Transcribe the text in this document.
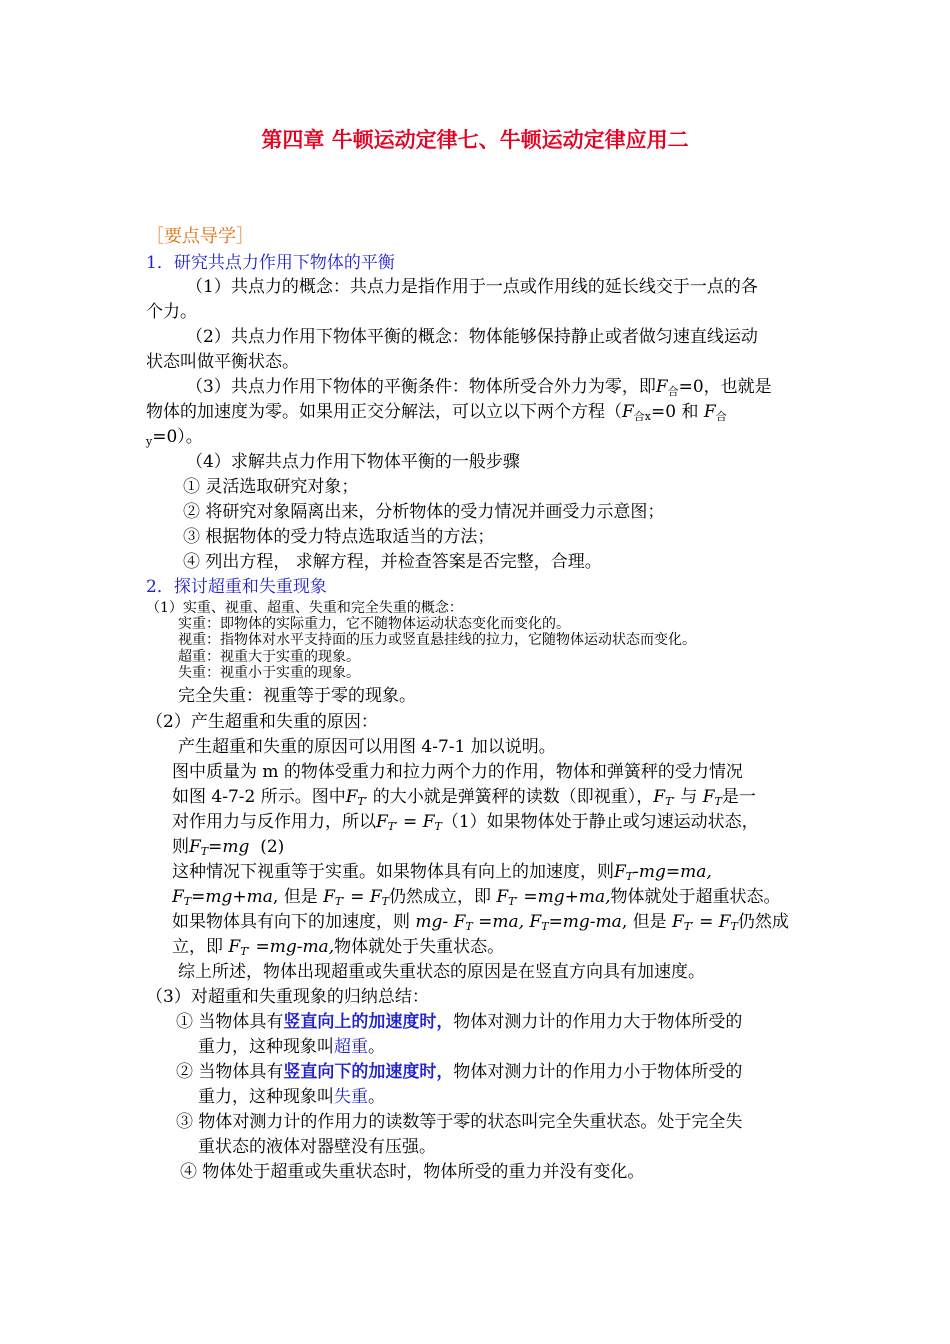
第四章 牛顿运动定律七、牛顿运动定律应用二
［要点导学］
1．研究共点力作用下物体的平衡
（1）共点力的概念：共点力是指作用于一点或作用线的延长线交于一点的各
个力。
（2）共点力作用下物体平衡的概念：物体能够保持静止或者做匀速直线运动
状态叫做平衡状态。
（3）共点力作用下物体的平衡条件：物体所受合外力为零，即$F_合=0$，也就是
物体的加速度为零。如果用正交分解法，可以立以下两个方程（$F_{合x}=0$ 和 $F_合$
$_y$=0）。
（4）求解共点力作用下物体平衡的一般步骤
① 灵活选取研究对象；
② 将研究对象隔离出来，分析物体的受力情况并画受力示意图；
③ 根据物体的受力特点选取适当的方法；
④ 列出方程， 求解方程，并检查答案是否完整，合理。
2．探讨超重和失重现象
（1）实重、视重、超重、失重和完全失重的概念：
实重：即物体的实际重力，它不随物体运动状态变化而变化的。
视重：指物体对水平支持面的压力或竖直悬挂线的拉力，它随物体运动状态而变化。
超重：视重大于实重的现象。
失重：视重小于实重的现象。
完全失重：视重等于零的现象。
（2）产生超重和失重的原因：
产生超重和失重的原因可以用图 4-7-1 加以说明。
图中质量为 m 的物体受重力和拉力两个力的作用，物体和弹簧秤的受力情况
如图 4-7-2 所示。图中$F_{T'}$ 的大小就是弹簧秤的读数（即视重），$F_{T'}$ 与 $F_T$是一
对作用力与反作用力，所以$F_{T'} = F_T(1)$如果物体处于静止或匀速运动状态，
则$F_T=mg$ (2)
这种情况下视重等于实重。如果物体具有向上的加速度，则$F_T-mg=ma$,
$F_T=mg+ma$, 但是 $F_{T'} = F_T$仍然成立，即 $F_{T'} =mg+ma$,物体就处于超重状态。
如果物体具有向下的加速度，则 mg- $F_T =ma$, $F_T=mg-ma$, 但是 $F_{T'} = F_T$仍然成
立，即 $F_{T'} =mg-ma$,物体就处于失重状态。
综上所述，物体出现超重或失重状态的原因是在竖直方向具有加速度。
（3）对超重和失重现象的归纳总结：
① 当物体具有竖直向上的加速度时，物体对测力计的作用力大于物体所受的
重力，这种现象叫超重。
② 当物体具有竖直向下的加速度时，物体对测力计的作用力小于物体所受的
重力，这种现象叫失重。
③ 物体对测力计的作用力的读数等于零的状态叫完全失重状态。处于完全失
重状态的液体对器壁没有压强。
④ 物体处于超重或失重状态时，物体所受的重力并没有变化。
